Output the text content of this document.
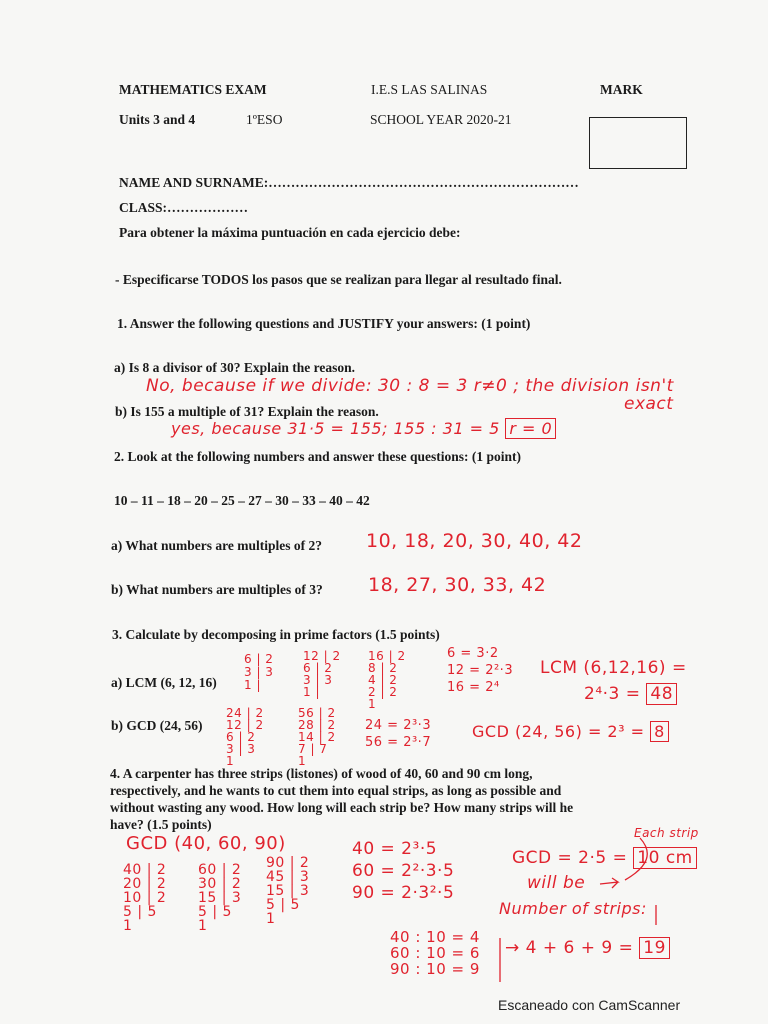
MATHEMATICS EXAM	I.E.S LAS SALINAS	MARK
Units 3 and 4	1ºESO	SCHOOL YEAR 2020-21
NAME AND SURNAME:……………………………………………………………
CLASS:………………
Para obtener la máxima puntuación en cada ejercicio debe:
- Especificarse TODOS los pasos que se realizan para llegar al resultado final.
1. Answer the following questions and JUSTIFY your answers: (1 point)
a) Is 8 a divisor of 30? Explain the reason.
No, because if we divide: 30 : 8 = 3 r≠0 ; the division isn't
exact
b) Is 155 a multiple of 31? Explain the reason.
yes, because 31·5 = 155; 155 : 31 = 5 r = 0
2. Look at the following numbers and answer these questions: (1 point)
10 – 11 – 18 – 20 – 25 – 27 – 30 – 33 – 40 – 42
a) What numbers are multiples of 2? 10, 18, 20, 30, 40, 42
b) What numbers are multiples of 3? 18, 27, 30, 33, 42
3. Calculate by decomposing in prime factors (1.5 points)
a) LCM (6, 12, 16)
b) GCD (24, 56)
6 | 2
3 | 3
1 |
12 | 2
6 | 2
3 | 3
1 |
16 | 2
8 | 2
4 | 2
2 | 2
1
6 = 3·2
12 = 2²·3
16 = 2⁴
LCM (6,12,16) =
2⁴·3 = 48
24 | 2
12 | 2
6 | 2
3 | 3
1
56 | 2
28 | 2
14 | 2
7 | 7
1
24 = 2³·3
56 = 2³·7
GCD (24, 56) = 2³ = 8
4. A carpenter has three strips (listones) of wood of 40, 60 and 90 cm long,
respectively, and he wants to cut them into equal strips, as long as possible and
without wasting any wood. How long will each strip be? How many strips will he
have? (1.5 points)
GCD (40, 60, 90)
40 | 2
20 | 2
10 | 2
5 | 5
1
60 | 2
30 | 2
15 | 3
5 | 5
1
90 | 2
45 | 3
15 | 3
5 | 5
1
40 = 2³·5
60 = 2²·3·5
90 = 2·3²·5
Each strip
GCD = 2·5 = 10 cm
will be
Number of strips:
40 : 10 = 4
60 : 10 = 6
90 : 10 = 9
→ 4 + 6 + 9 = 19
Escaneado con CamScanner
